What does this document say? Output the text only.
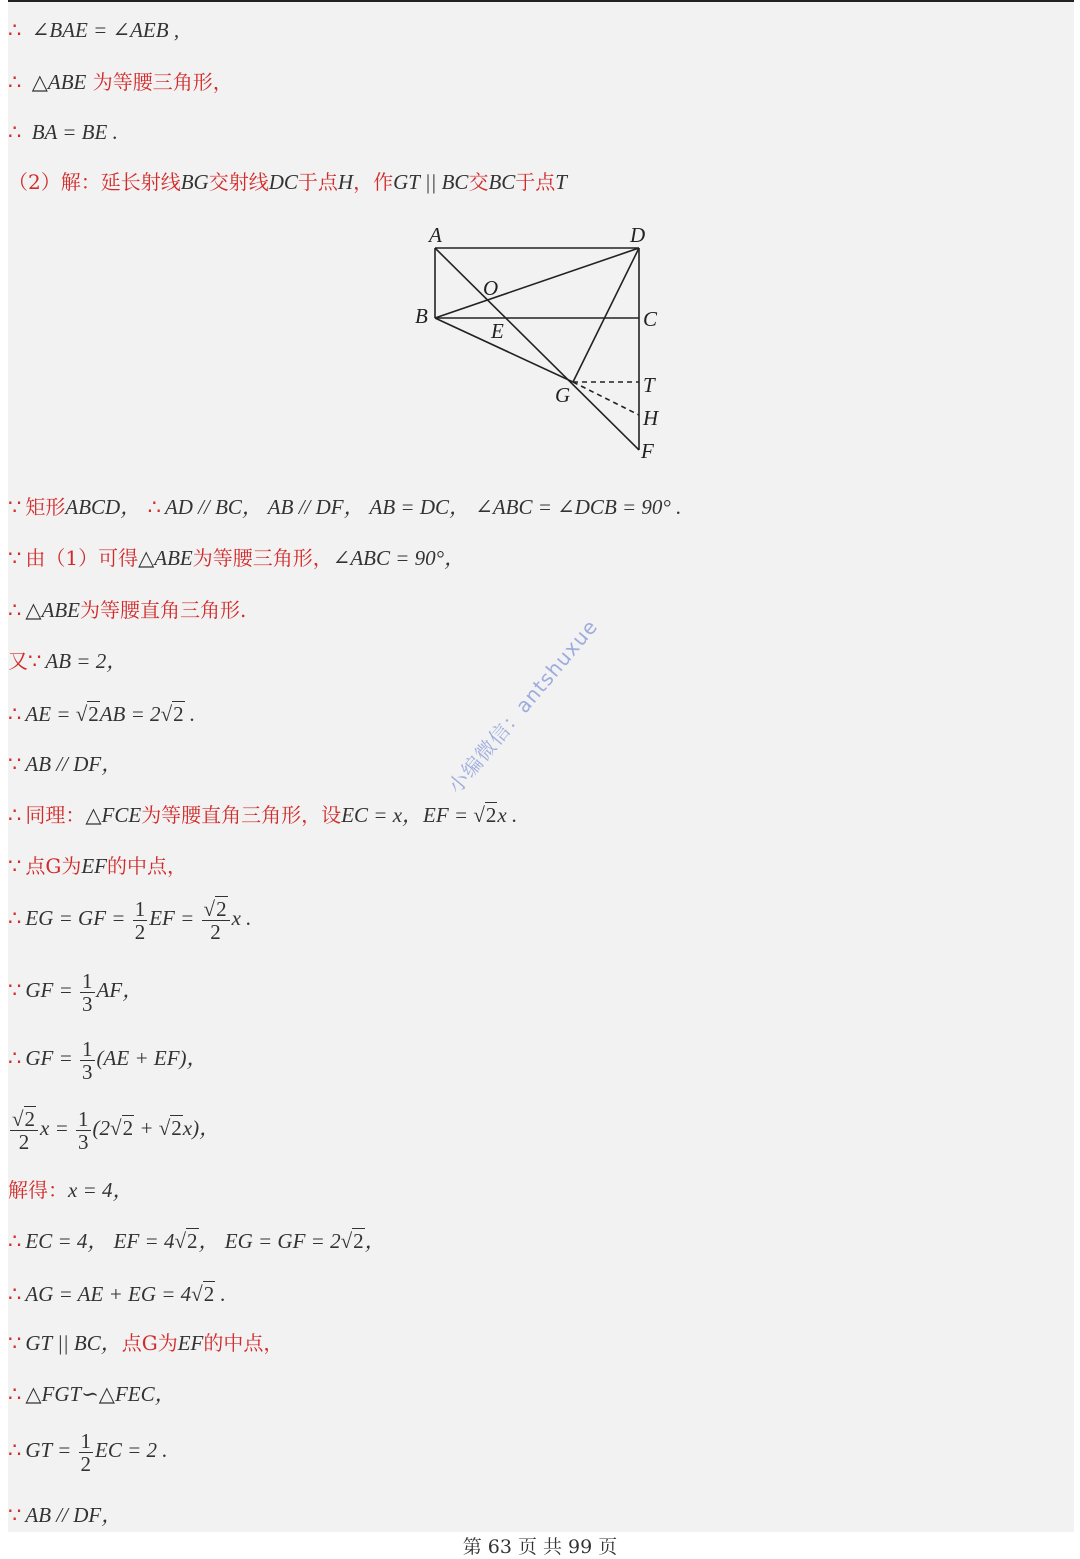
∴ ∠BAE = ∠AEB ,
∴ △ABE 为等腰三角形，
∴ BA = BE .
（2）解：延长射线BG交射线DC于点H，作GT || BC交BC于点T
A	D
O
B	C
E
G	T
H
F
∵ 矩形ABCD， ∴ AD // BC， AB // DF， AB = DC， ∠ABC = ∠DCB = 90° .
∵ 由（1）可得△ABE为等腰三角形，∠ABC = 90°，
∴ △ABE为等腰直角三角形.
又∵ AB = 2，
∴ AE = √2AB = 2√2 .
∵ AB // DF，
∴ 同理：△FCE为等腰直角三角形，设EC = x，EF = √2x .
∵ 点G为EF的中点，
∴ EG = GF = $\frac{1}{2}$ EF = $\frac{√2}{2}$ x .
∵ GF = $\frac{1}{3}$ AF，
∴ GF = $\frac{1}{3} (AE + EF)$，
$\frac{√2}{2}$ $x = \frac{1}{3} (2√2 + √2x)$，
解得：x = 4，
∴ EC = 4， EF = 4√2， EG = GF = 2√2，
∴ AG = AE + EG = 4√2 .
∵ GT || BC，点G为EF的中点，
∴ △FGT∽△FEC，
∴ GT = $\frac{1}{2}$ EC = 2 .
∵ AB // DF，
小编微信：antshuxue
第 63 页 共 99 页
